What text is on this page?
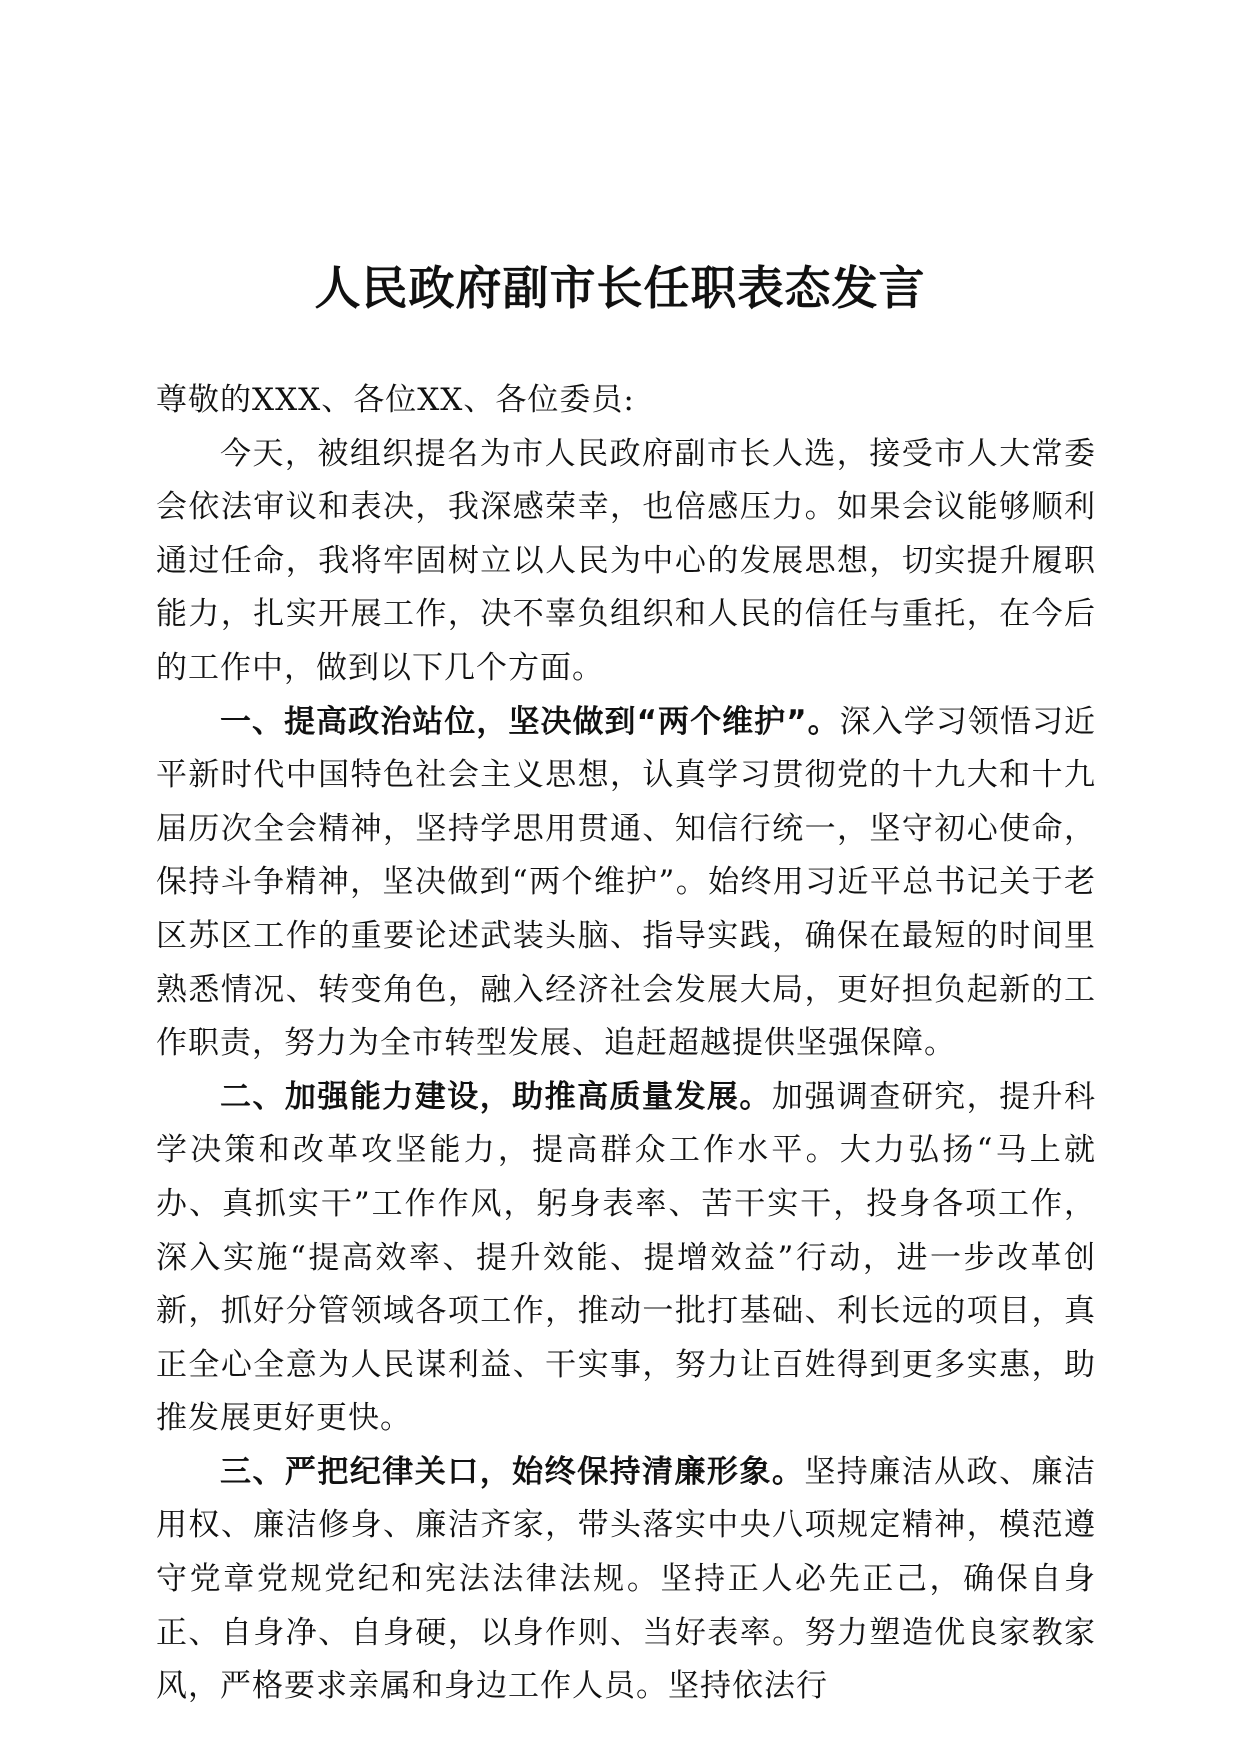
人民政府副市长任职表态发言

尊敬的XXX、各位XX、各位委员:

今天，被组织提名为市人民政府副市长人选，接受市人大常委会依法审议和表决，我深感荣幸，也倍感压力。如果会议能够顺利通过任命，我将牢固树立以人民为中心的发展思想，切实提升履职能力，扎实开展工作，决不辜负组织和人民的信任与重托，在今后的工作中，做到以下几个方面。

一、提高政治站位，坚决做到“两个维护”。深入学习领悟习近平新时代中国特色社会主义思想，认真学习贯彻党的十九大和十九届历次全会精神，坚持学思用贯通、知信行统一，坚守初心使命，保持斗争精神，坚决做到“两个维护”。始终用习近平总书记关于老区苏区工作的重要论述武装头脑、指导实践，确保在最短的时间里熟悉情况、转变角色，融入经济社会发展大局，更好担负起新的工作职责，努力为全市转型发展、追赶超越提供坚强保障。

二、加强能力建设，助推高质量发展。加强调查研究，提升科学决策和改革攻坚能力，提高群众工作水平。大力弘扬“马上就办、真抓实干”工作作风，躬身表率、苦干实干，投身各项工作，深入实施“提高效率、提升效能、提增效益”行动，进一步改革创新，抓好分管领域各项工作，推动一批打基础、利长远的项目，真正全心全意为人民谋利益、干实事，努力让百姓得到更多实惠，助推发展更好更快。

三、严把纪律关口，始终保持清廉形象。坚持廉洁从政、廉洁用权、廉洁修身、廉洁齐家，带头落实中央八项规定精神，模范遵守党章党规党纪和宪法法律法规。坚持正人必先正己，确保自身正、自身净、自身硬，以身作则、当好表率。努力塑造优良家教家风，严格要求亲属和身边工作人员。坚持依法行
